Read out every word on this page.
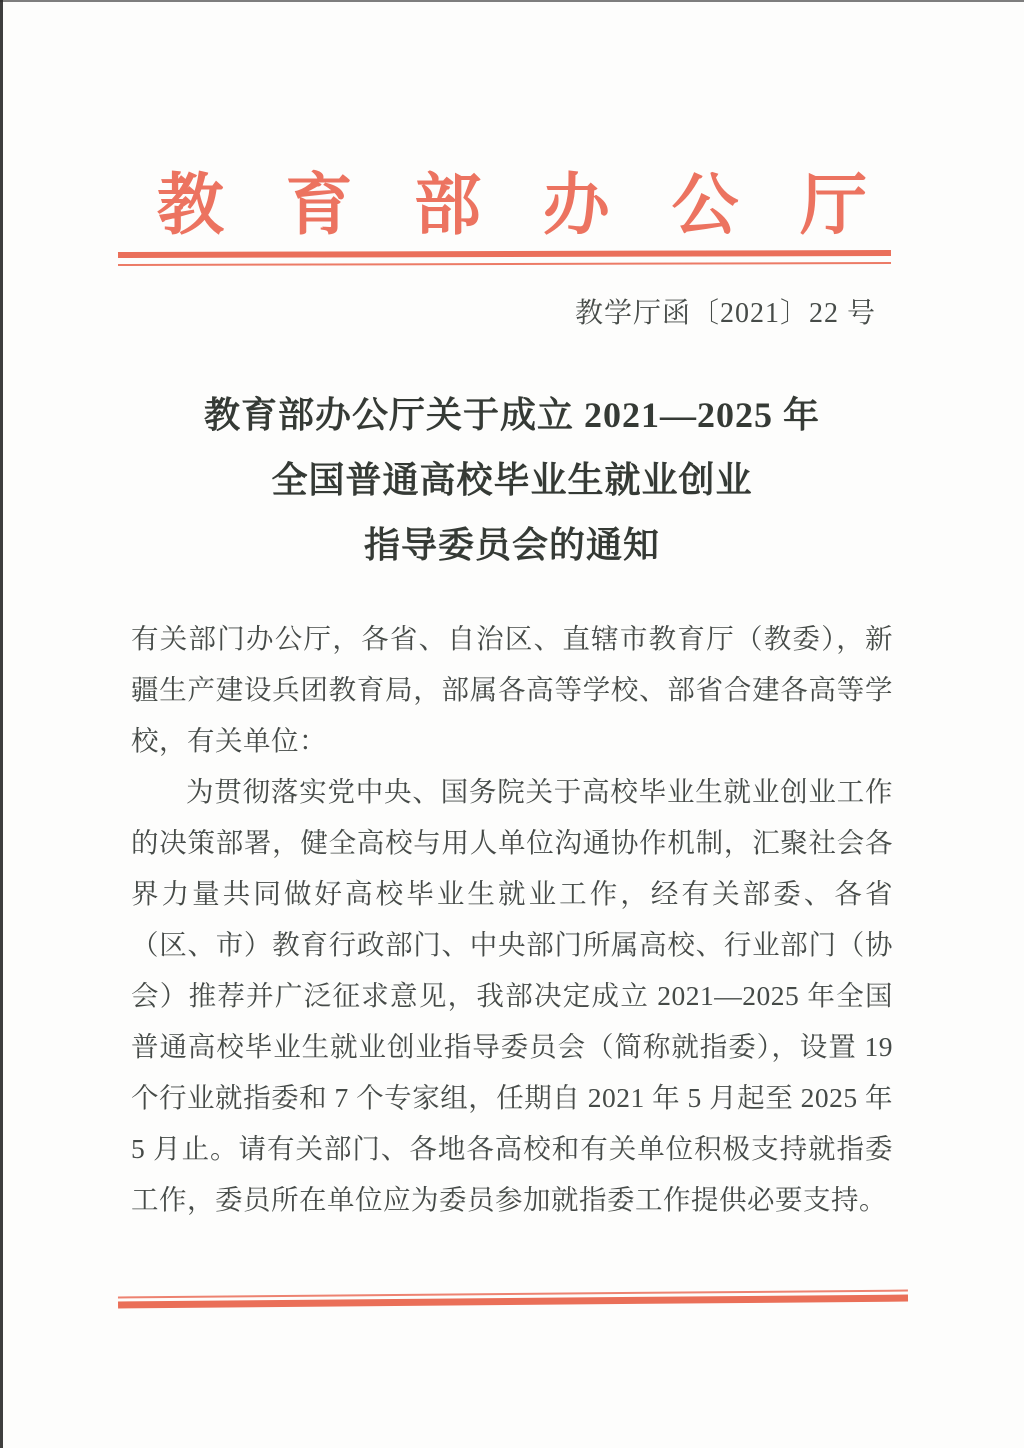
教育部办公厅
教学厅函〔2021〕22 号
教育部办公厅关于成立 2021—2025 年
全国普通高校毕业生就业创业
指导委员会的通知

有关部门办公厅，各省、自治区、直辖市教育厅（教委），新疆生产建设兵团教育局，部属各高等学校、部省合建各高等学校，有关单位：

为贯彻落实党中央、国务院关于高校毕业生就业创业工作的决策部署，健全高校与用人单位沟通协作机制，汇聚社会各界力量共同做好高校毕业生就业工作，经有关部委、各省（区、市）教育行政部门、中央部门所属高校、行业部门（协会）推荐并广泛征求意见，我部决定成立 2021—2025 年全国普通高校毕业生就业创业指导委员会（简称就指委），设置 19 个行业就指委和 7 个专家组，任期自 2021 年 5 月起至 2025 年 5 月止。请有关部门、各地各高校和有关单位积极支持就指委工作，委员所在单位应为委员参加就指委工作提供必要支持。
